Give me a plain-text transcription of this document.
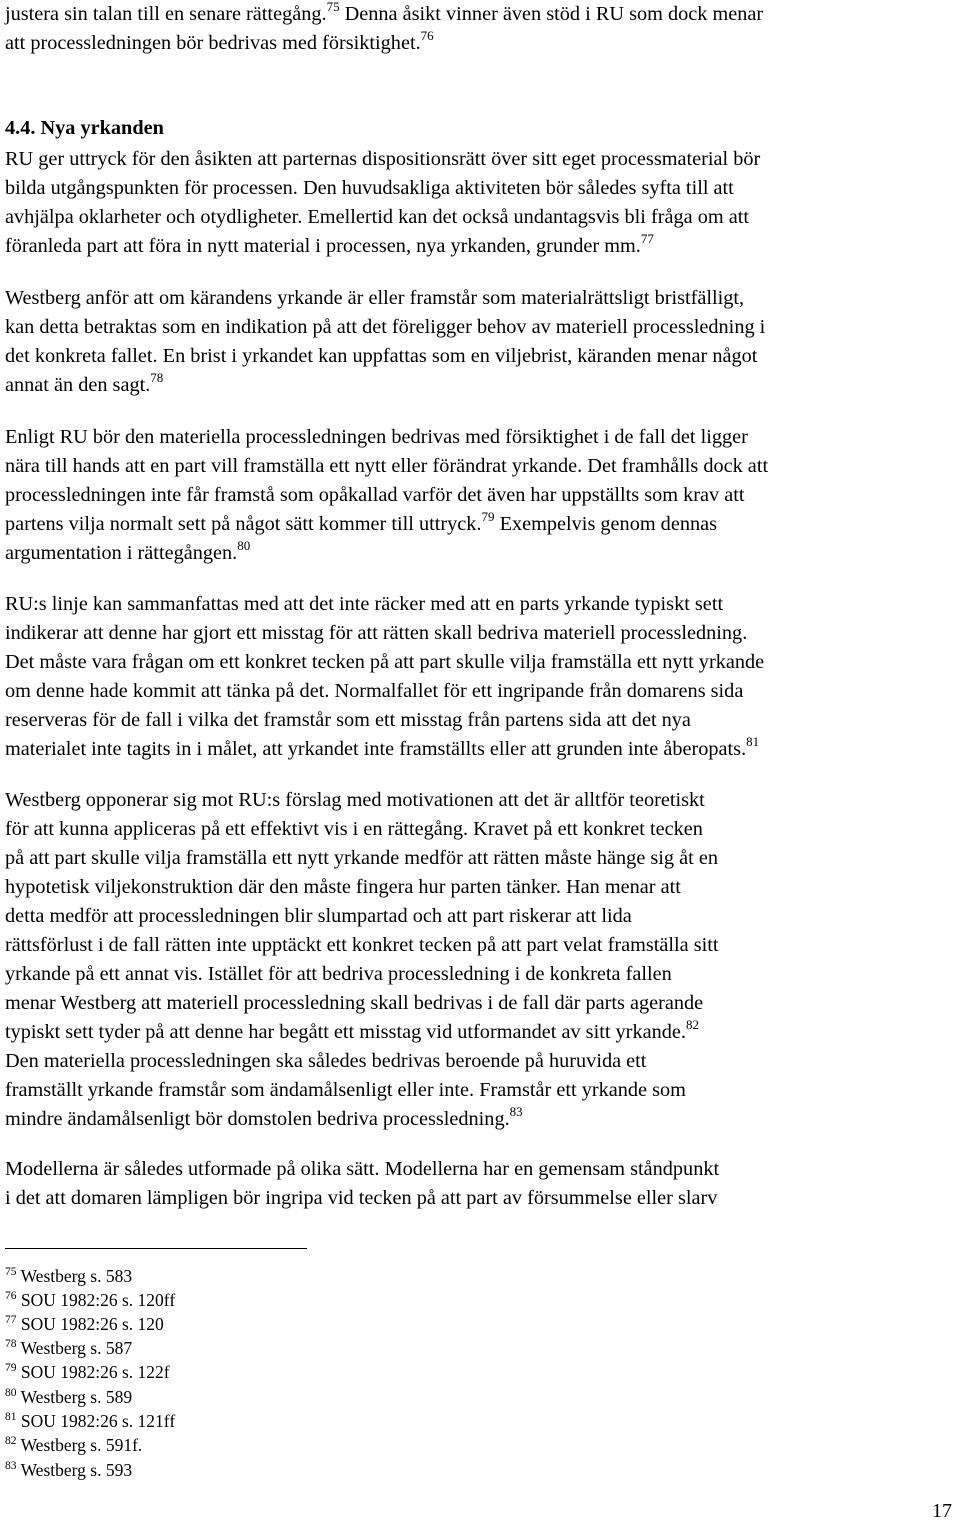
justera sin talan till en senare rättegång.$^{75}$ Denna åsikt vinner även stöd i RU som dock menar
att processledningen bör bedrivas med försiktighet.$^{76}$
4.4. Nya yrkanden
RU ger uttryck för den åsikten att parternas dispositionsrätt över sitt eget processmaterial bör
bilda utgångspunkten för processen. Den huvudsakliga aktiviteten bör således syfta till att
avhjälpa oklarheter och otydligheter. Emellertid kan det också undantagsvis bli fråga om att
föranleda part att föra in nytt material i processen, nya yrkanden, grunder mm.$^{77}$
Westberg anför att om kärandens yrkande är eller framstår som materialrättsligt bristfälligt,
kan detta betraktas som en indikation på att det föreligger behov av materiell processledning i
det konkreta fallet. En brist i yrkandet kan uppfattas som en viljebrist, käranden menar något
annat än den sagt.$^{78}$
Enligt RU bör den materiella processledningen bedrivas med försiktighet i de fall det ligger
nära till hands att en part vill framställa ett nytt eller förändrat yrkande. Det framhålls dock att
processledningen inte får framstå som opåkallad varför det även har uppställts som krav att
partens vilja normalt sett på något sätt kommer till uttryck.$^{79}$ Exempelvis genom dennas
argumentation i rättegången.$^{80}$
RU:s linje kan sammanfattas med att det inte räcker med att en parts yrkande typiskt sett
indikerar att denne har gjort ett misstag för att rätten skall bedriva materiell processledning.
Det måste vara frågan om ett konkret tecken på att part skulle vilja framställa ett nytt yrkande
om denne hade kommit att tänka på det. Normalfallet för ett ingripande från domarens sida
reserveras för de fall i vilka det framstår som ett misstag från partens sida att det nya
materialet inte tagits in i målet, att yrkandet inte framställts eller att grunden inte åberopats.$^{81}$
Westberg opponerar sig mot RU:s förslag med motivationen att det är alltför teoretiskt
för att kunna appliceras på ett effektivt vis i en rättegång. Kravet på ett konkret tecken
på att part skulle vilja framställa ett nytt yrkande medför att rätten måste hänge sig åt en
hypotetisk viljekonstruktion där den måste fingera hur parten tänker. Han menar att
detta medför att processledningen blir slumpartad och att part riskerar att lida
rättsförlust i de fall rätten inte upptäckt ett konkret tecken på att part velat framställa sitt
yrkande på ett annat vis. Istället för att bedriva processledning i de konkreta fallen
menar Westberg att materiell processledning skall bedrivas i de fall där parts agerande
typiskt sett tyder på att denne har begått ett misstag vid utformandet av sitt yrkande.$^{82}$
Den materiella processledningen ska således bedrivas beroende på huruvida ett
framställt yrkande framstår som ändamålsenligt eller inte. Framstår ett yrkande som
mindre ändamålsenligt bör domstolen bedriva processledning.$^{83}$
Modellerna är således utformade på olika sätt. Modellerna har en gemensam ståndpunkt
i det att domaren lämpligen bör ingripa vid tecken på att part av försummelse eller slarv
$^{75}$ Westberg s. 583
$^{76}$ SOU 1982:26 s. 120ff
$^{77}$ SOU 1982:26 s. 120
$^{78}$ Westberg s. 587
$^{79}$ SOU 1982:26 s. 122f
$^{80}$ Westberg s. 589
$^{81}$ SOU 1982:26 s. 121ff
$^{82}$ Westberg s. 591f.
$^{83}$ Westberg s. 593
17
